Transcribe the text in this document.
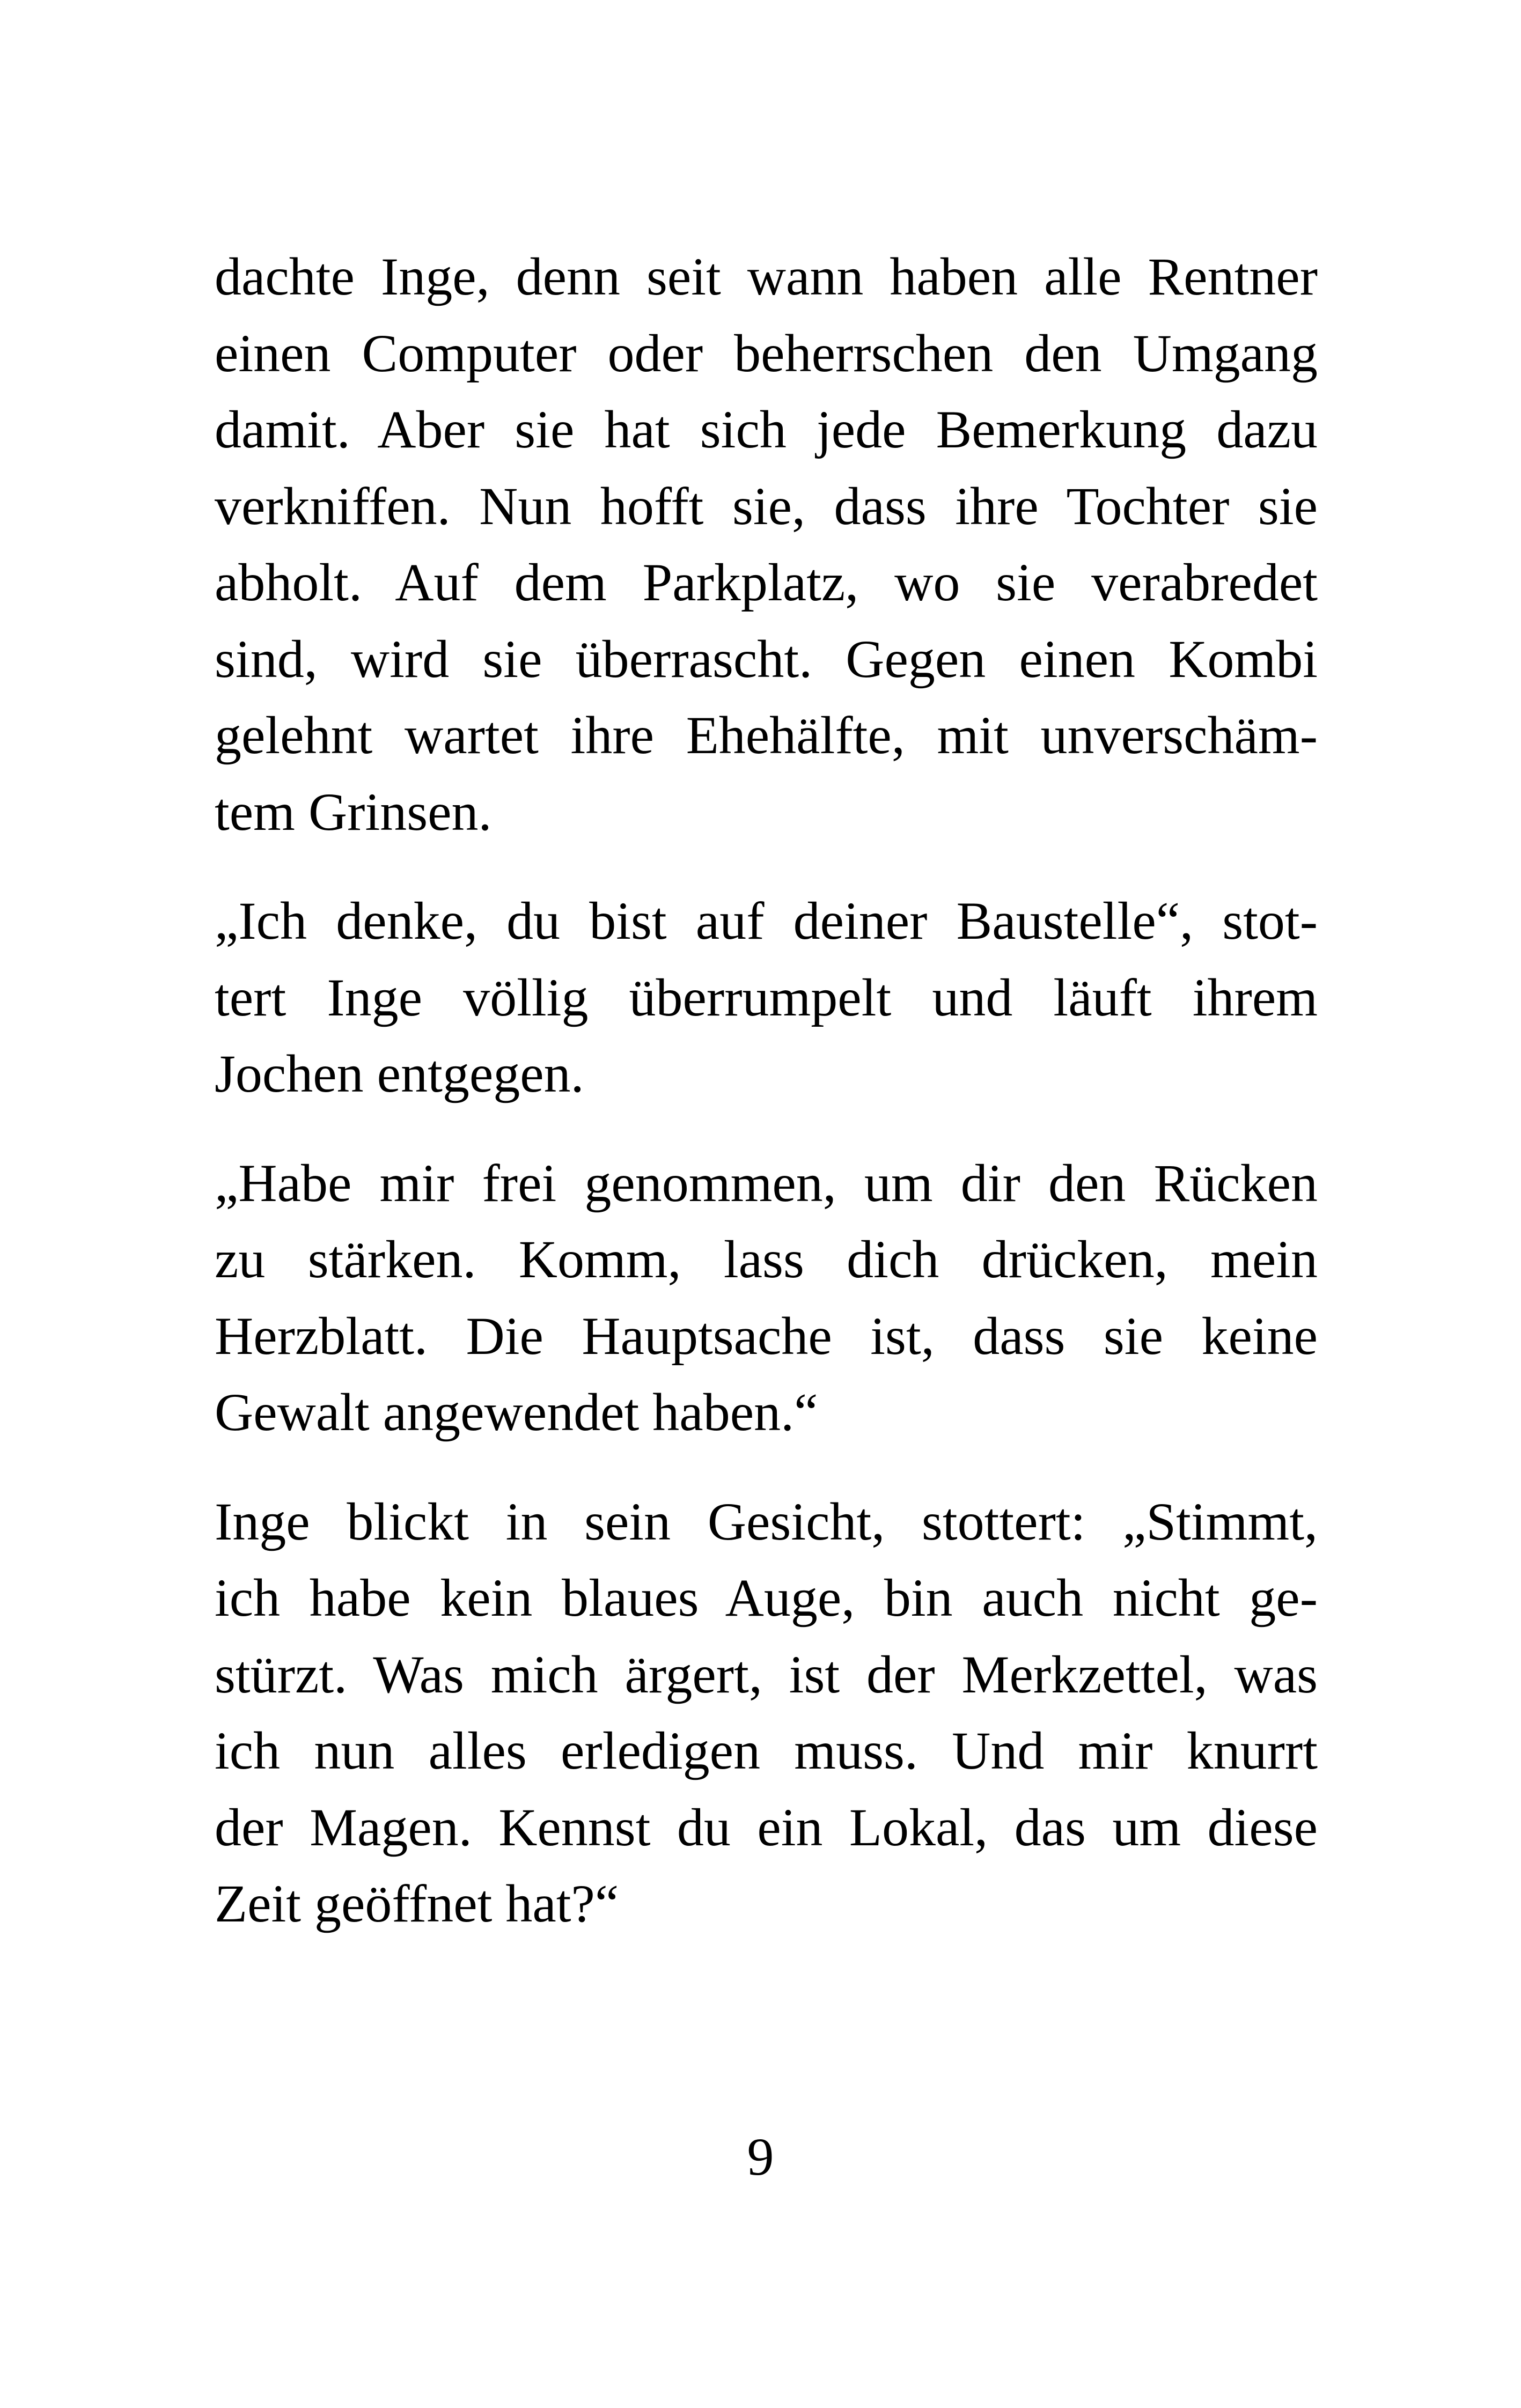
dachte Inge, denn seit wann haben alle Rentner
einen Computer oder beherrschen den Umgang
damit. Aber sie hat sich jede Bemerkung dazu
verkniffen. Nun hofft sie, dass ihre Tochter sie
abholt. Auf dem Parkplatz, wo sie verabredet
sind, wird sie überrascht. Gegen einen Kombi
gelehnt wartet ihre Ehehälfte, mit unverschäm-
tem Grinsen.

„Ich denke, du bist auf deiner Baustelle“, stot-
tert Inge völlig überrumpelt und läuft ihrem
Jochen entgegen.

„Habe mir frei genommen, um dir den Rücken
zu stärken. Komm, lass dich drücken, mein
Herzblatt. Die Hauptsache ist, dass sie keine
Gewalt angewendet haben.“

Inge blickt in sein Gesicht, stottert: „Stimmt,
ich habe kein blaues Auge, bin auch nicht ge-
stürzt. Was mich ärgert, ist der Merkzettel, was
ich nun alles erledigen muss. Und mir knurrt
der Magen. Kennst du ein Lokal, das um diese
Zeit geöffnet hat?“

9
